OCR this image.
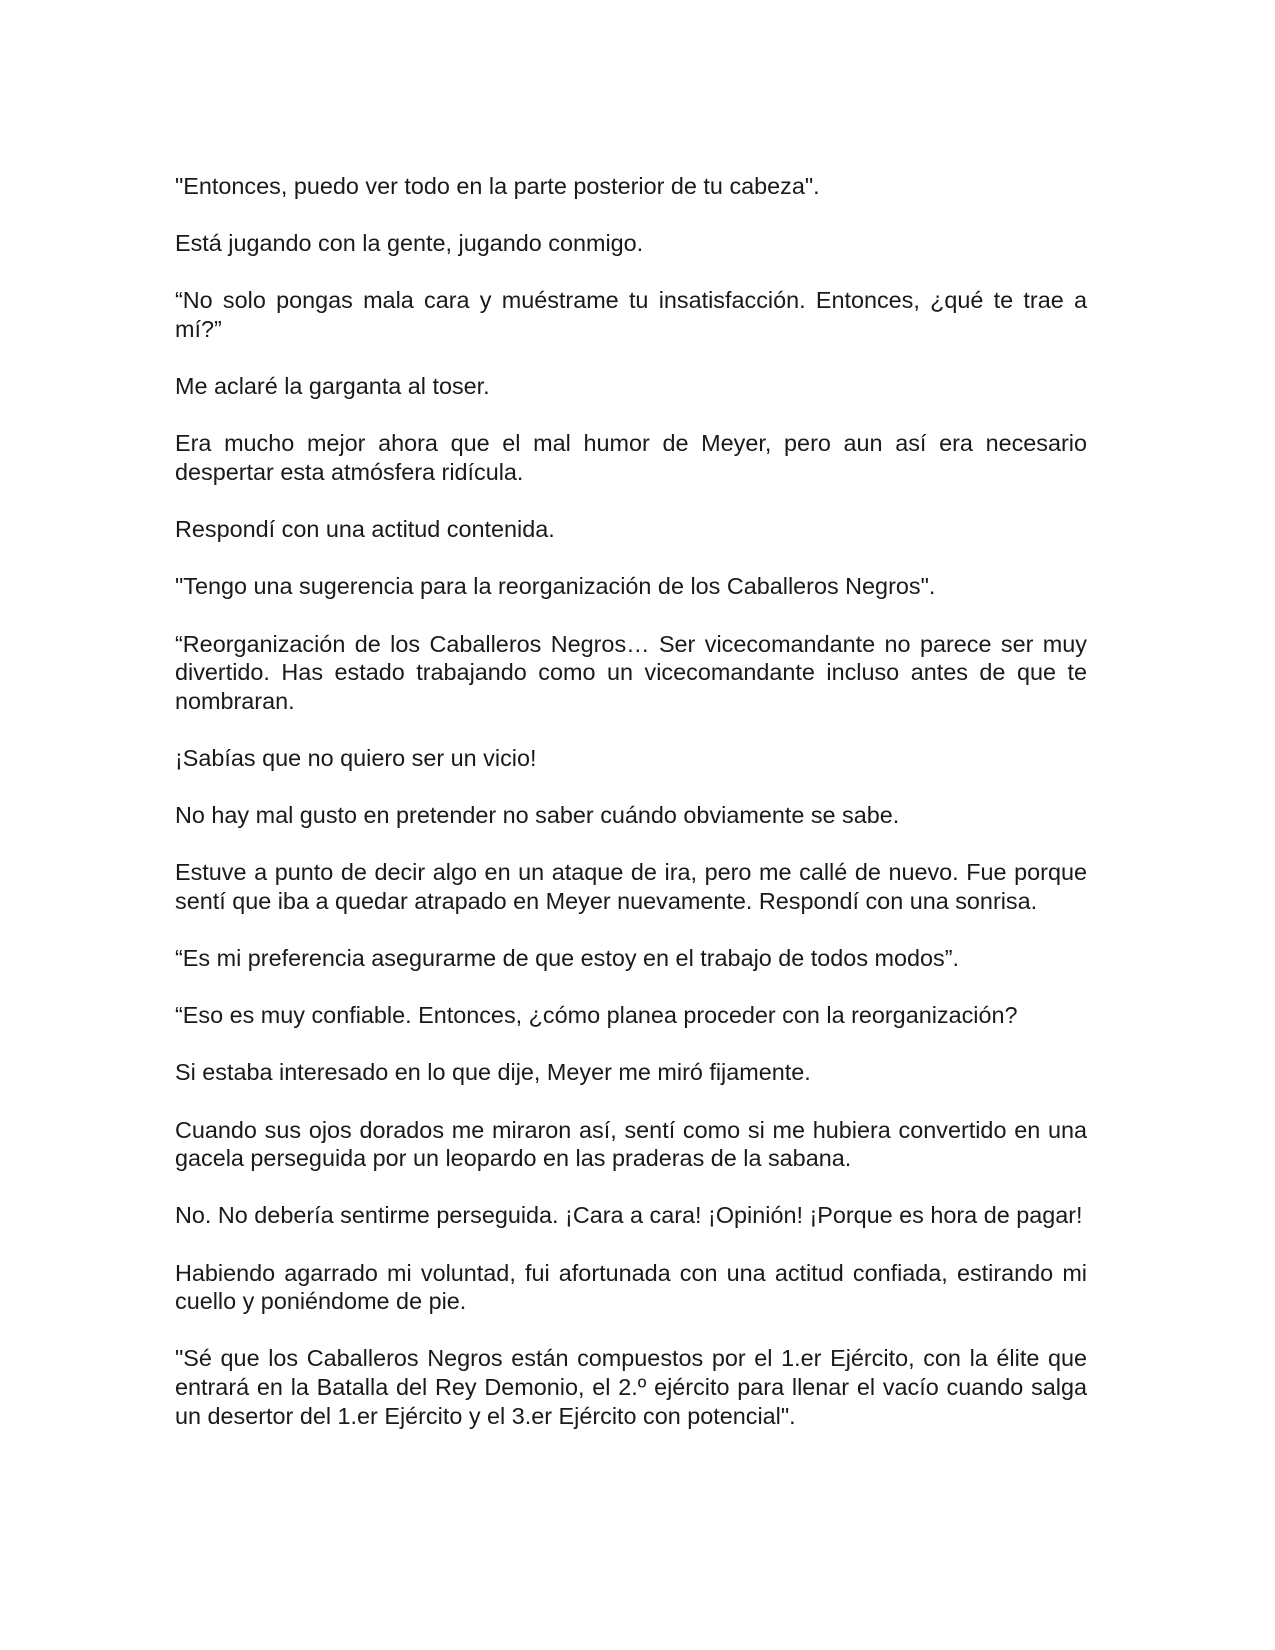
"Entonces, puedo ver todo en la parte posterior de tu cabeza".

Está jugando con la gente, jugando conmigo.

“No solo pongas mala cara y muéstrame tu insatisfacción. Entonces, ¿qué te trae a mí?”

Me aclaré la garganta al toser.

Era mucho mejor ahora que el mal humor de Meyer, pero aun así era necesario despertar esta atmósfera ridícula.

Respondí con una actitud contenida.

"Tengo una sugerencia para la reorganización de los Caballeros Negros".

“Reorganización de los Caballeros Negros… Ser vicecomandante no parece ser muy divertido. Has estado trabajando como un vicecomandante incluso antes de que te nombraran.

¡Sabías que no quiero ser un vicio!

No hay mal gusto en pretender no saber cuándo obviamente se sabe.

Estuve a punto de decir algo en un ataque de ira, pero me callé de nuevo. Fue porque sentí que iba a quedar atrapado en Meyer nuevamente. Respondí con una sonrisa.

“Es mi preferencia asegurarme de que estoy en el trabajo de todos modos”.

“Eso es muy confiable. Entonces, ¿cómo planea proceder con la reorganización?

Si estaba interesado en lo que dije, Meyer me miró fijamente.

Cuando sus ojos dorados me miraron así, sentí como si me hubiera convertido en una gacela perseguida por un leopardo en las praderas de la sabana.

No. No debería sentirme perseguida. ¡Cara a cara! ¡Opinión! ¡Porque es hora de pagar!

Habiendo agarrado mi voluntad, fui afortunada con una actitud confiada, estirando mi cuello y poniéndome de pie.

"Sé que los Caballeros Negros están compuestos por el 1.er Ejército, con la élite que entrará en la Batalla del Rey Demonio, el 2.º ejército para llenar el vacío cuando salga un desertor del 1.er Ejército y el 3.er Ejército con potencial".
